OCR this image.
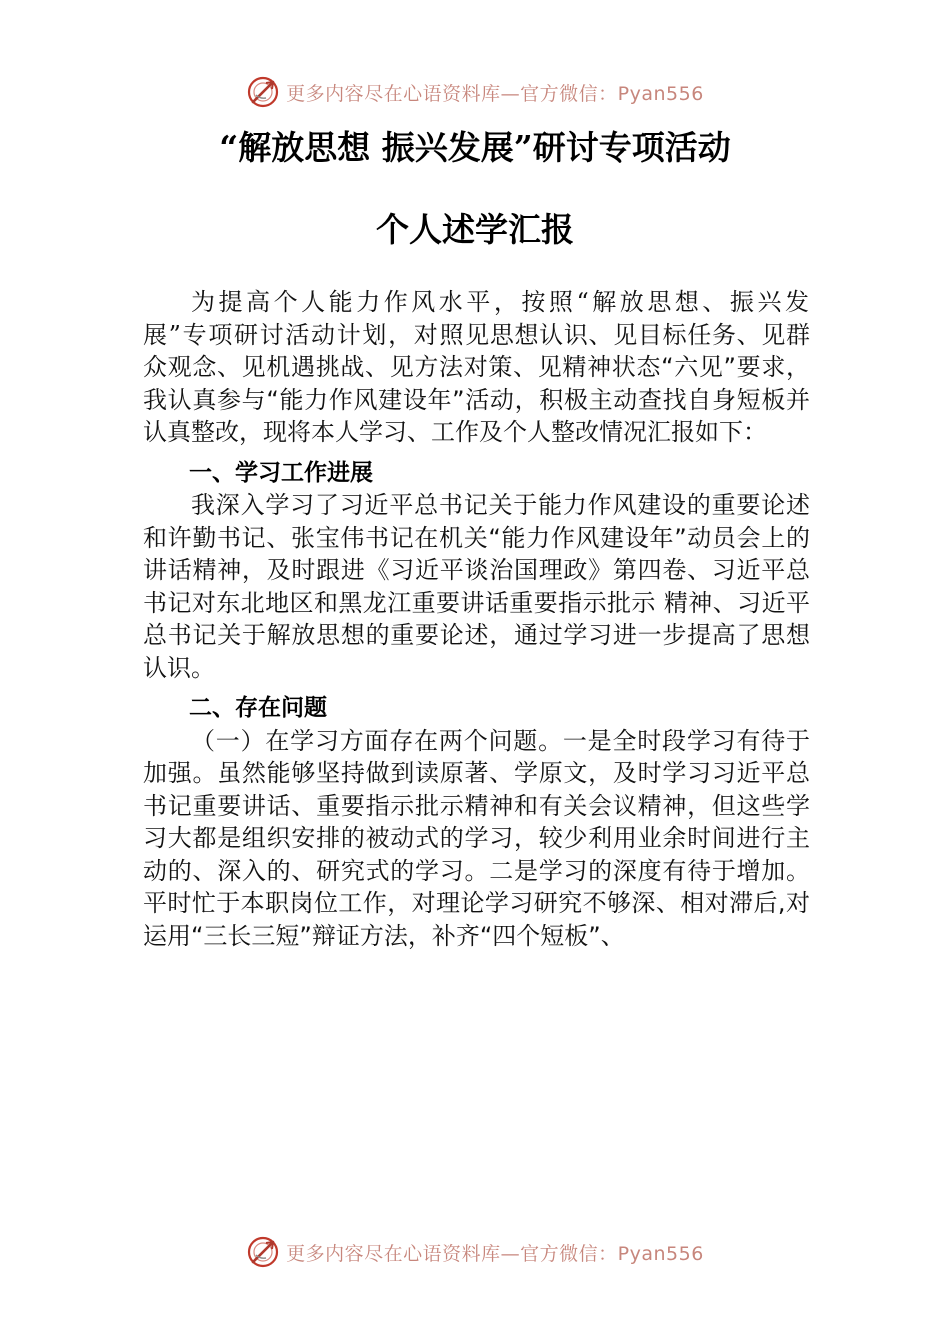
更多内容尽在心语资料库—官方微信：Pyan556
“解放思想 振兴发展”研讨专项活动
个人述学汇报

为提高个人能力作风水平，按照“解放思想、振兴发展”专项研讨活动计划，对照见思想认识、见目标任务、见群众观念、见机遇挑战、见方法对策、见精神状态“六见”要求，我认真参与“能力作风建设年”活动，积极主动查找自身短板并认真整改，现将本人学习、工作及个人整改情况汇报如下：

一、学习工作进展

我深入学习了习近平总书记关于能力作风建设的重要论述和许勤书记、张宝伟书记在机关“能力作风建设年”动员会上的讲话精神，及时跟进《习近平谈治国理政》第四卷、习近平总书记对东北地区和黑龙江重要讲话重要指示批示 精神、习近平总书记关于解放思想的重要论述，通过学习进一步提高了思想认识。

二、存在问题

（一）在学习方面存在两个问题。一是全时段学习有待于加强。虽然能够坚持做到读原著、学原文，及时学习习近平总书记重要讲话、重要指示批示精神和有关会议精神，但这些学习大都是组织安排的被动式的学习，较少利用业余时间进行主动的、深入的、研究式的学习。二是学习的深度有待于增加。平时忙于本职岗位工作，对理论学习研究不够深、相对滞后,对运用“三长三短”辩证方法，补齐“四个短板”、

更多内容尽在心语资料库—官方微信：Pyan556
